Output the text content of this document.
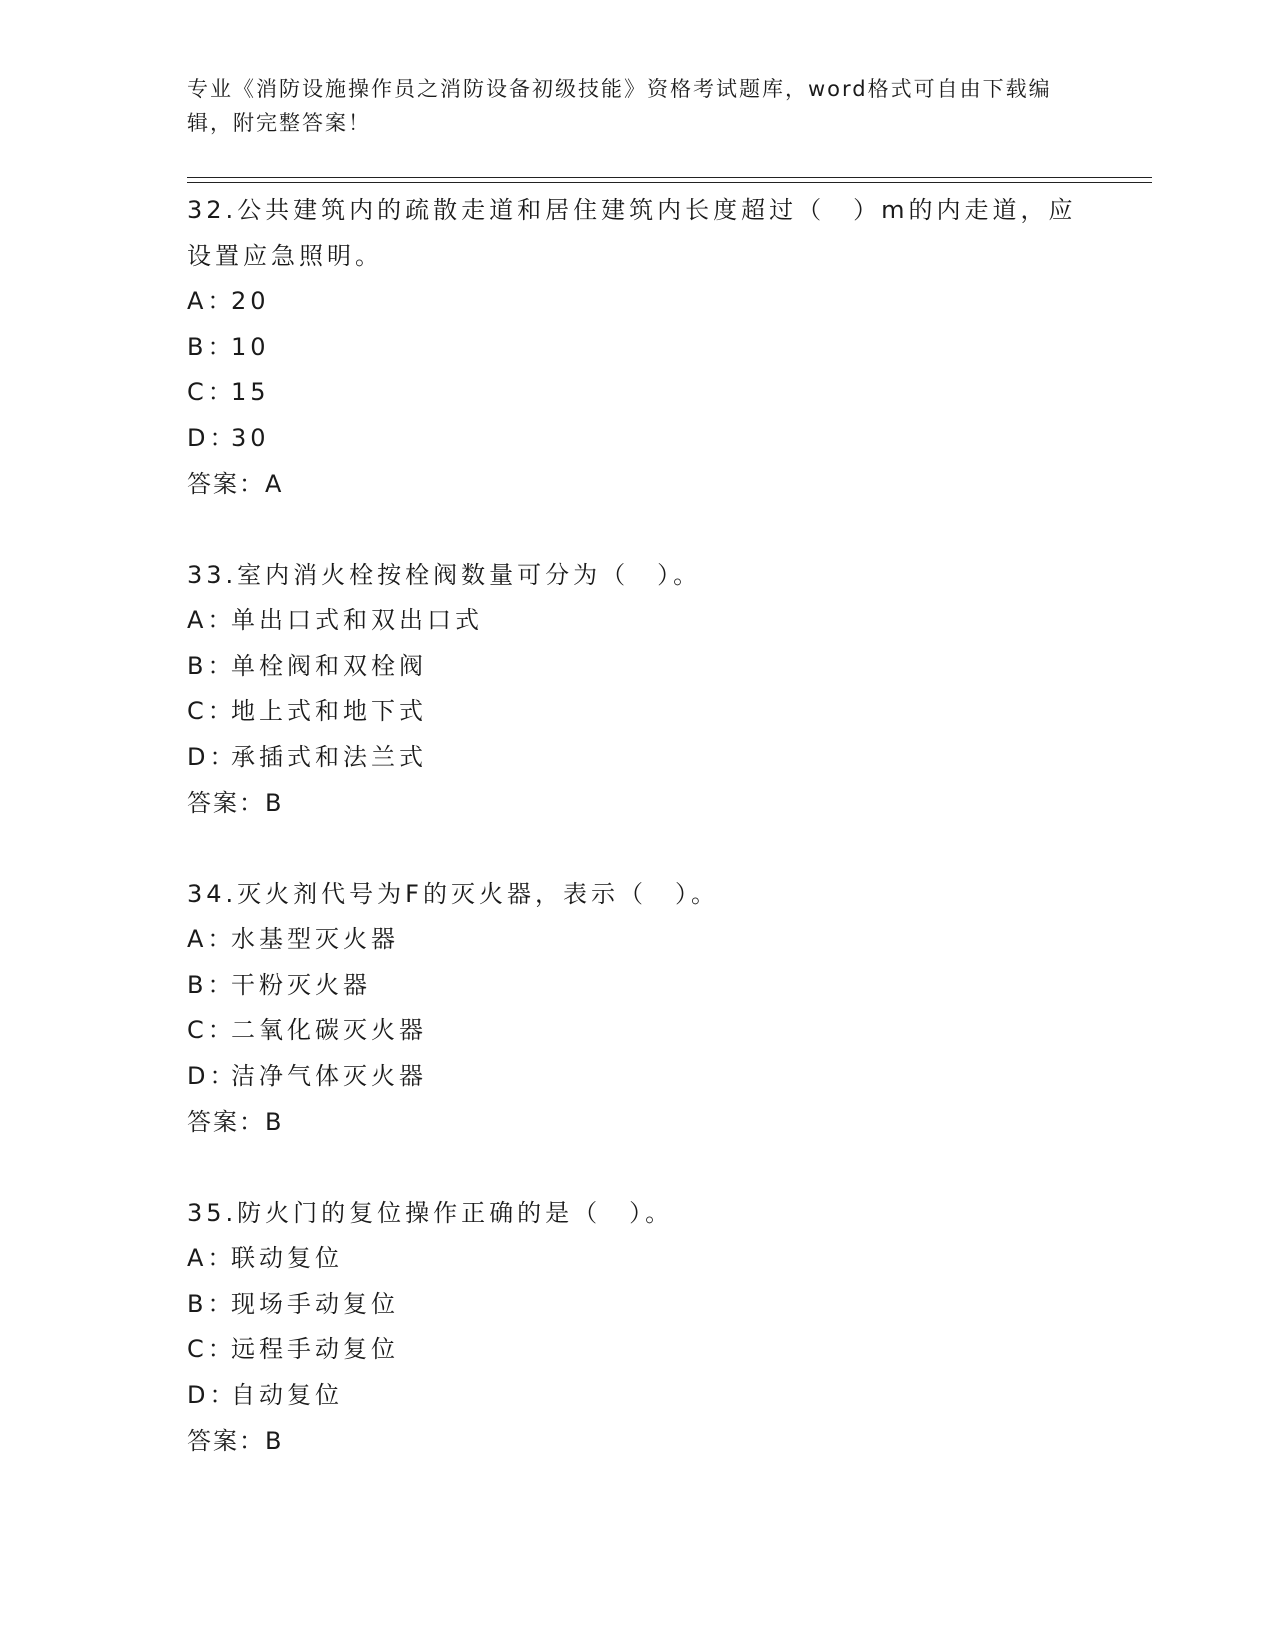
专业《消防设施操作员之消防设备初级技能》资格考试题库，word格式可自由下载编辑，附完整答案！

32.公共建筑内的疏散走道和居住建筑内长度超过（　）m的内走道，应设置应急照明。

A：20

B：10

C：15

D：30

答案：A

33.室内消火栓按栓阀数量可分为（　）。

A：单出口式和双出口式

B：单栓阀和双栓阀

C：地上式和地下式

D：承插式和法兰式

答案：B

34.灭火剂代号为F的灭火器，表示（　）。

A：水基型灭火器

B：干粉灭火器

C：二氧化碳灭火器

D：洁净气体灭火器

答案：B

35.防火门的复位操作正确的是（　）。

A：联动复位

B：现场手动复位

C：远程手动复位

D：自动复位

答案：B
